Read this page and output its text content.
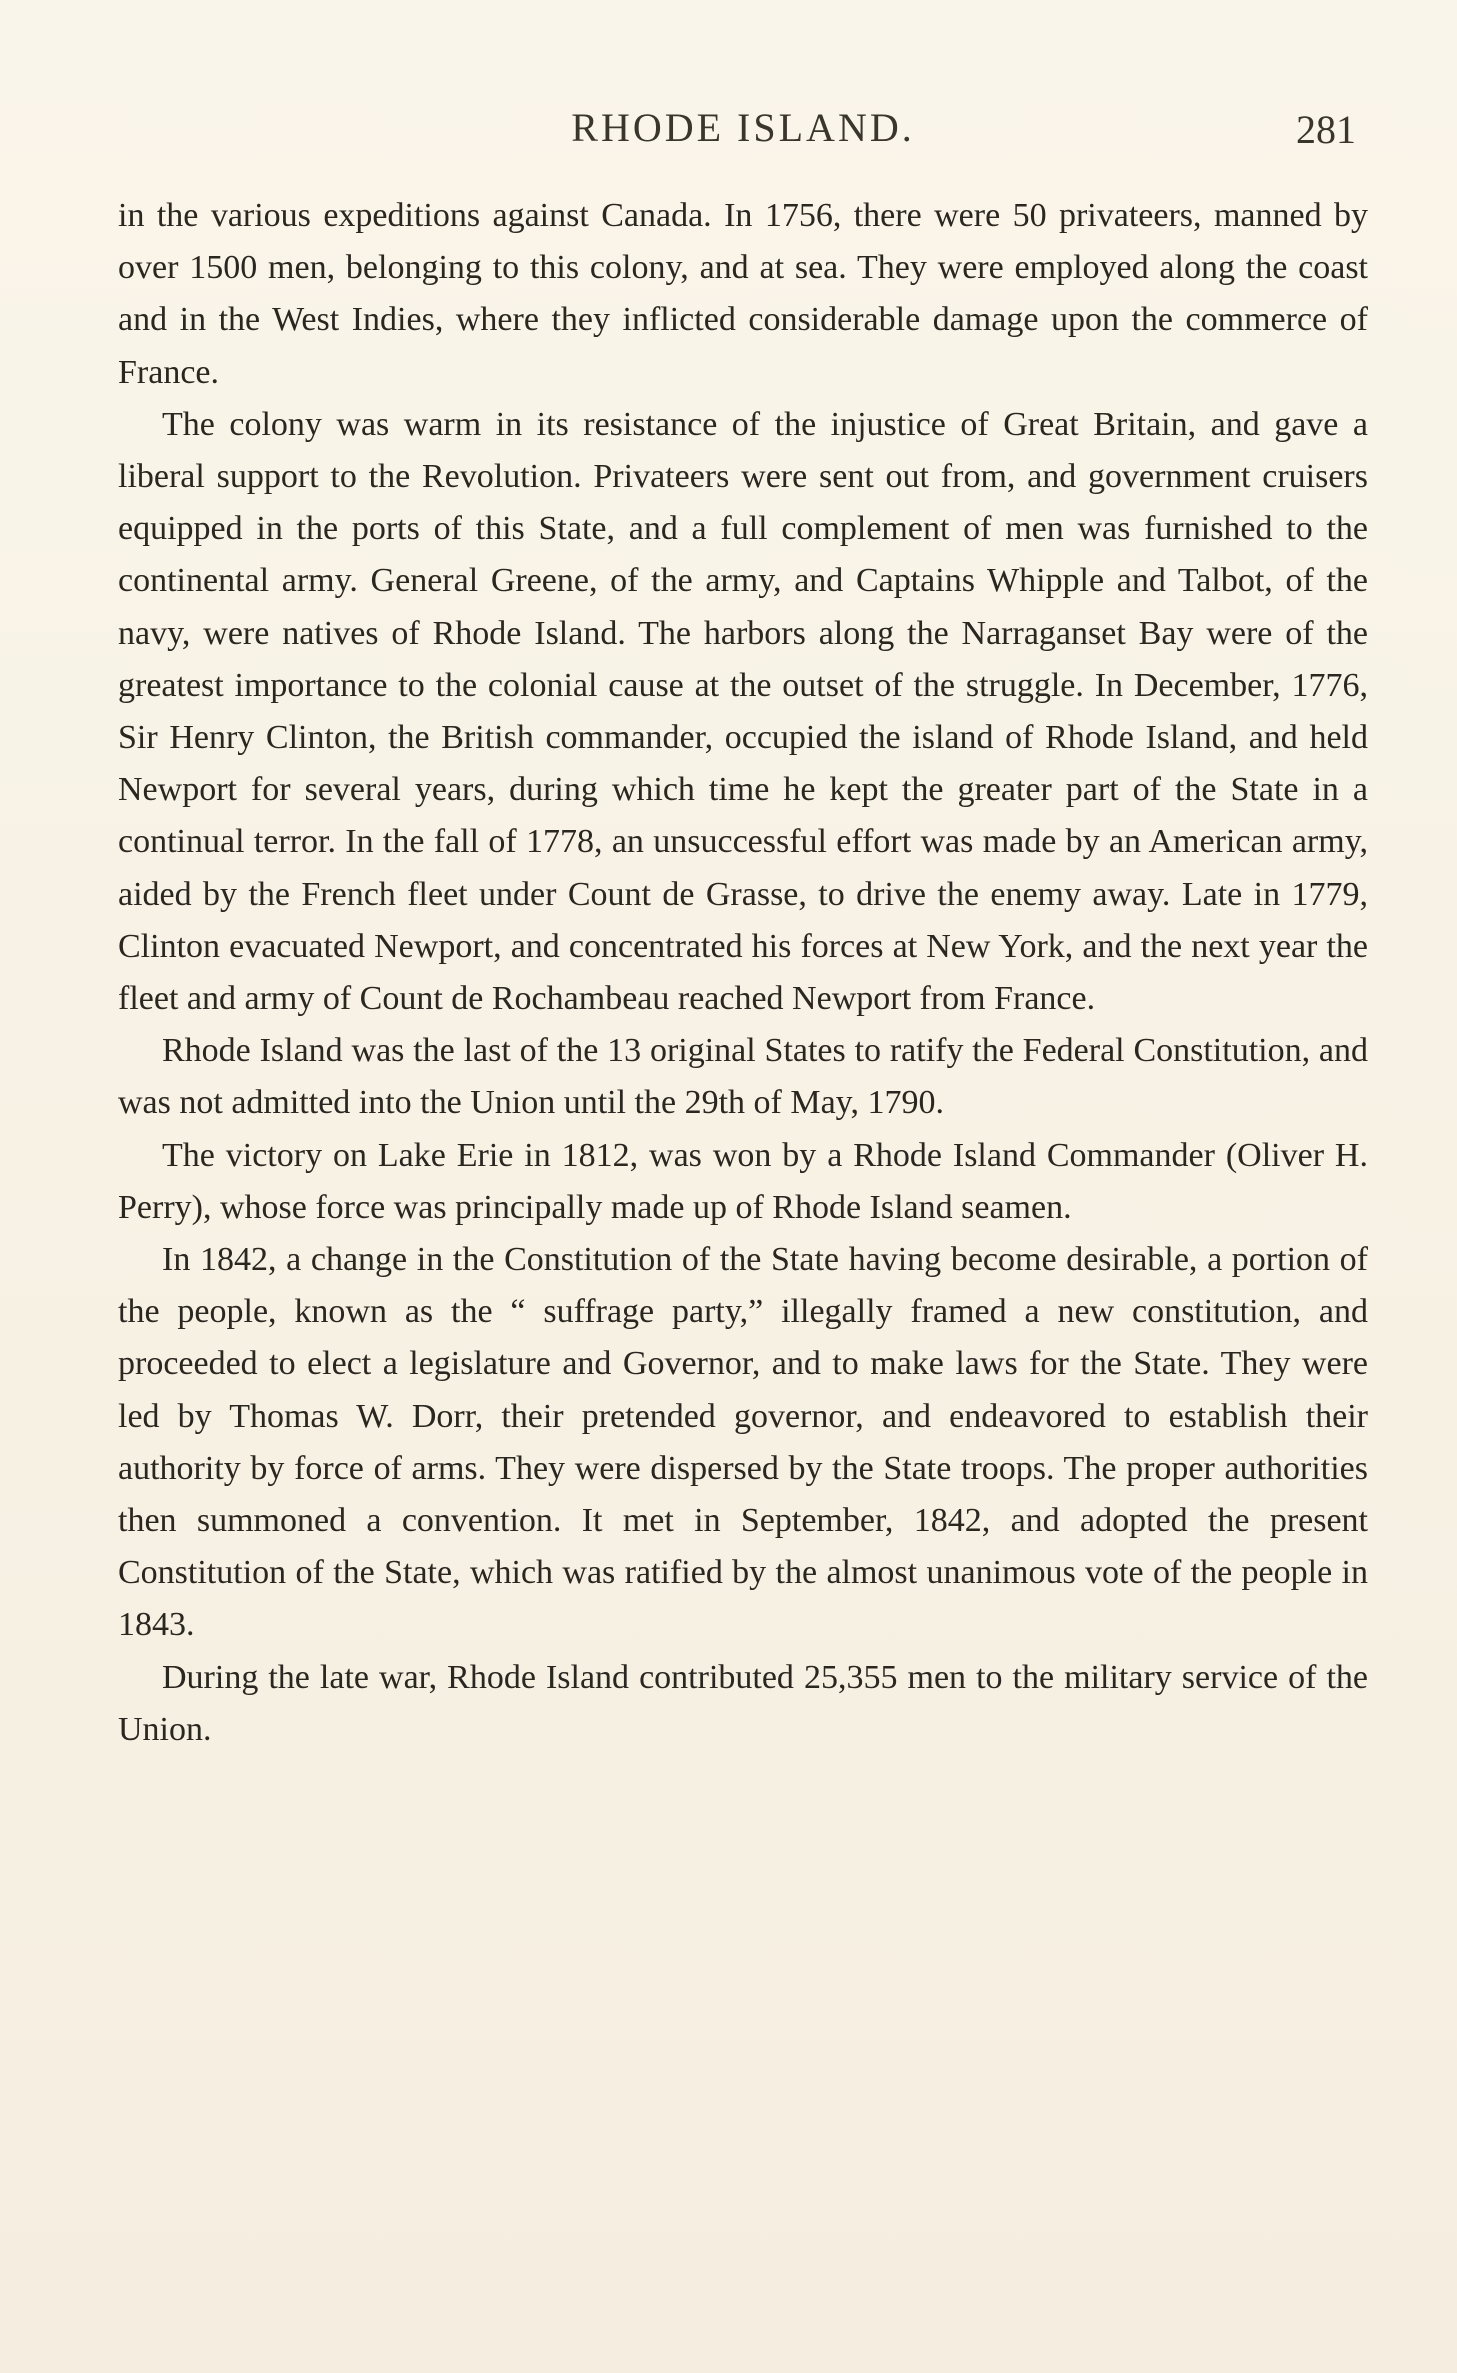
RHODE ISLAND.	281

in the various expeditions against Canada. In 1756, there were 50 privateers, manned by over 1500 men, belonging to this colony, and at sea. They were employed along the coast and in the West Indies, where they inflicted considerable damage upon the commerce of France.

The colony was warm in its resistance of the injustice of Great Britain, and gave a liberal support to the Revolution. Privateers were sent out from, and government cruisers equipped in the ports of this State, and a full complement of men was furnished to the continental army. General Greene, of the army, and Captains Whipple and Talbot, of the navy, were natives of Rhode Island. The harbors along the Narraganset Bay were of the greatest importance to the colonial cause at the outset of the struggle. In December, 1776, Sir Henry Clinton, the British commander, occupied the island of Rhode Island, and held Newport for several years, during which time he kept the greater part of the State in a continual terror. In the fall of 1778, an unsuccessful effort was made by an American army, aided by the French fleet under Count de Grasse, to drive the enemy away. Late in 1779, Clinton evacuated Newport, and concentrated his forces at New York, and the next year the fleet and army of Count de Rochambeau reached Newport from France.

Rhode Island was the last of the 13 original States to ratify the Federal Constitution, and was not admitted into the Union until the 29th of May, 1790.

The victory on Lake Erie in 1812, was won by a Rhode Island Commander (Oliver H. Perry), whose force was principally made up of Rhode Island seamen.

In 1842, a change in the Constitution of the State having become desirable, a portion of the people, known as the “ suffrage party,” illegally framed a new constitution, and proceeded to elect a legislature and Governor, and to make laws for the State. They were led by Thomas W. Dorr, their pretended governor, and endeavored to establish their authority by force of arms. They were dispersed by the State troops. The proper authorities then summoned a convention. It met in September, 1842, and adopted the present Constitution of the State, which was ratified by the almost unanimous vote of the people in 1843.

During the late war, Rhode Island contributed 25,355 men to the military service of the Union.
